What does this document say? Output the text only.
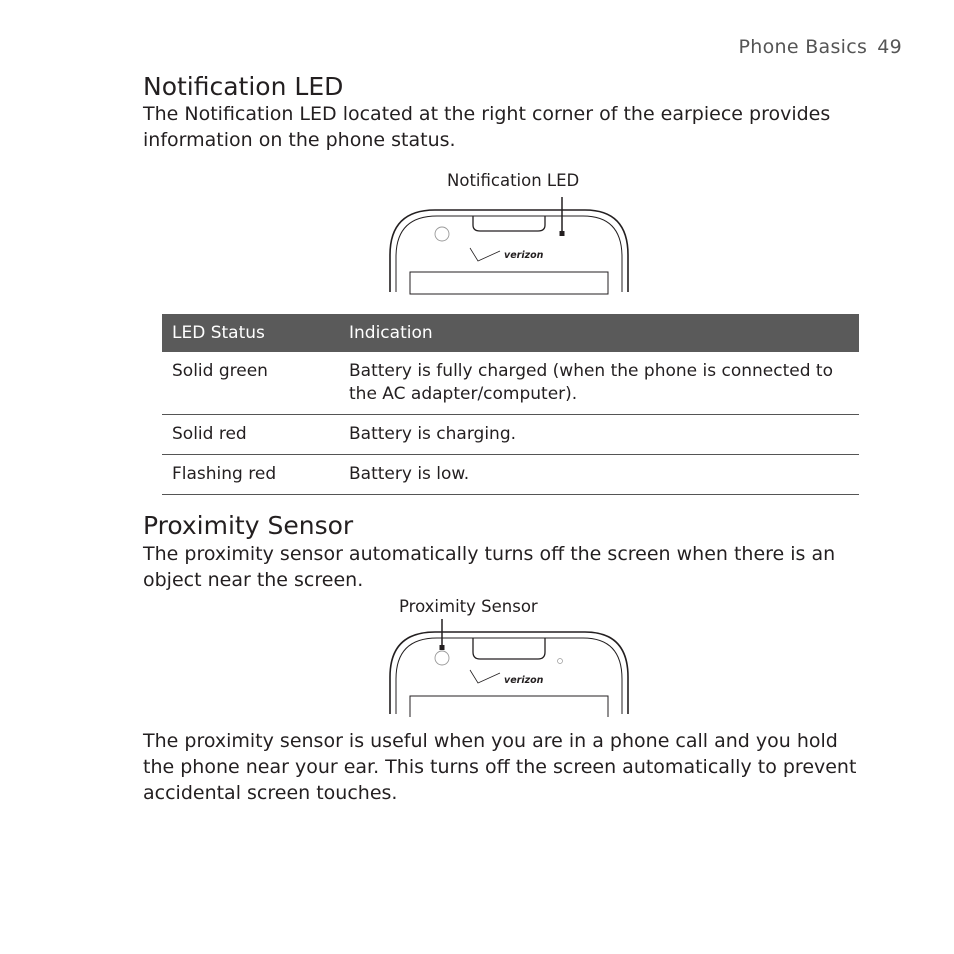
Phone Basics 49
Notification LED
The Notification LED located at the right corner of the earpiece provides information on the phone status.
Notification LED
verizon
LED Status	Indication
Solid green	Battery is fully charged (when the phone is connected to the AC adapter/computer).
Solid red	Battery is charging.
Flashing red	Battery is low.
Proximity Sensor
The proximity sensor automatically turns off the screen when there is an object near the screen.
Proximity Sensor
verizon
The proximity sensor is useful when you are in a phone call and you hold the phone near your ear. This turns off the screen automatically to prevent accidental screen touches.
